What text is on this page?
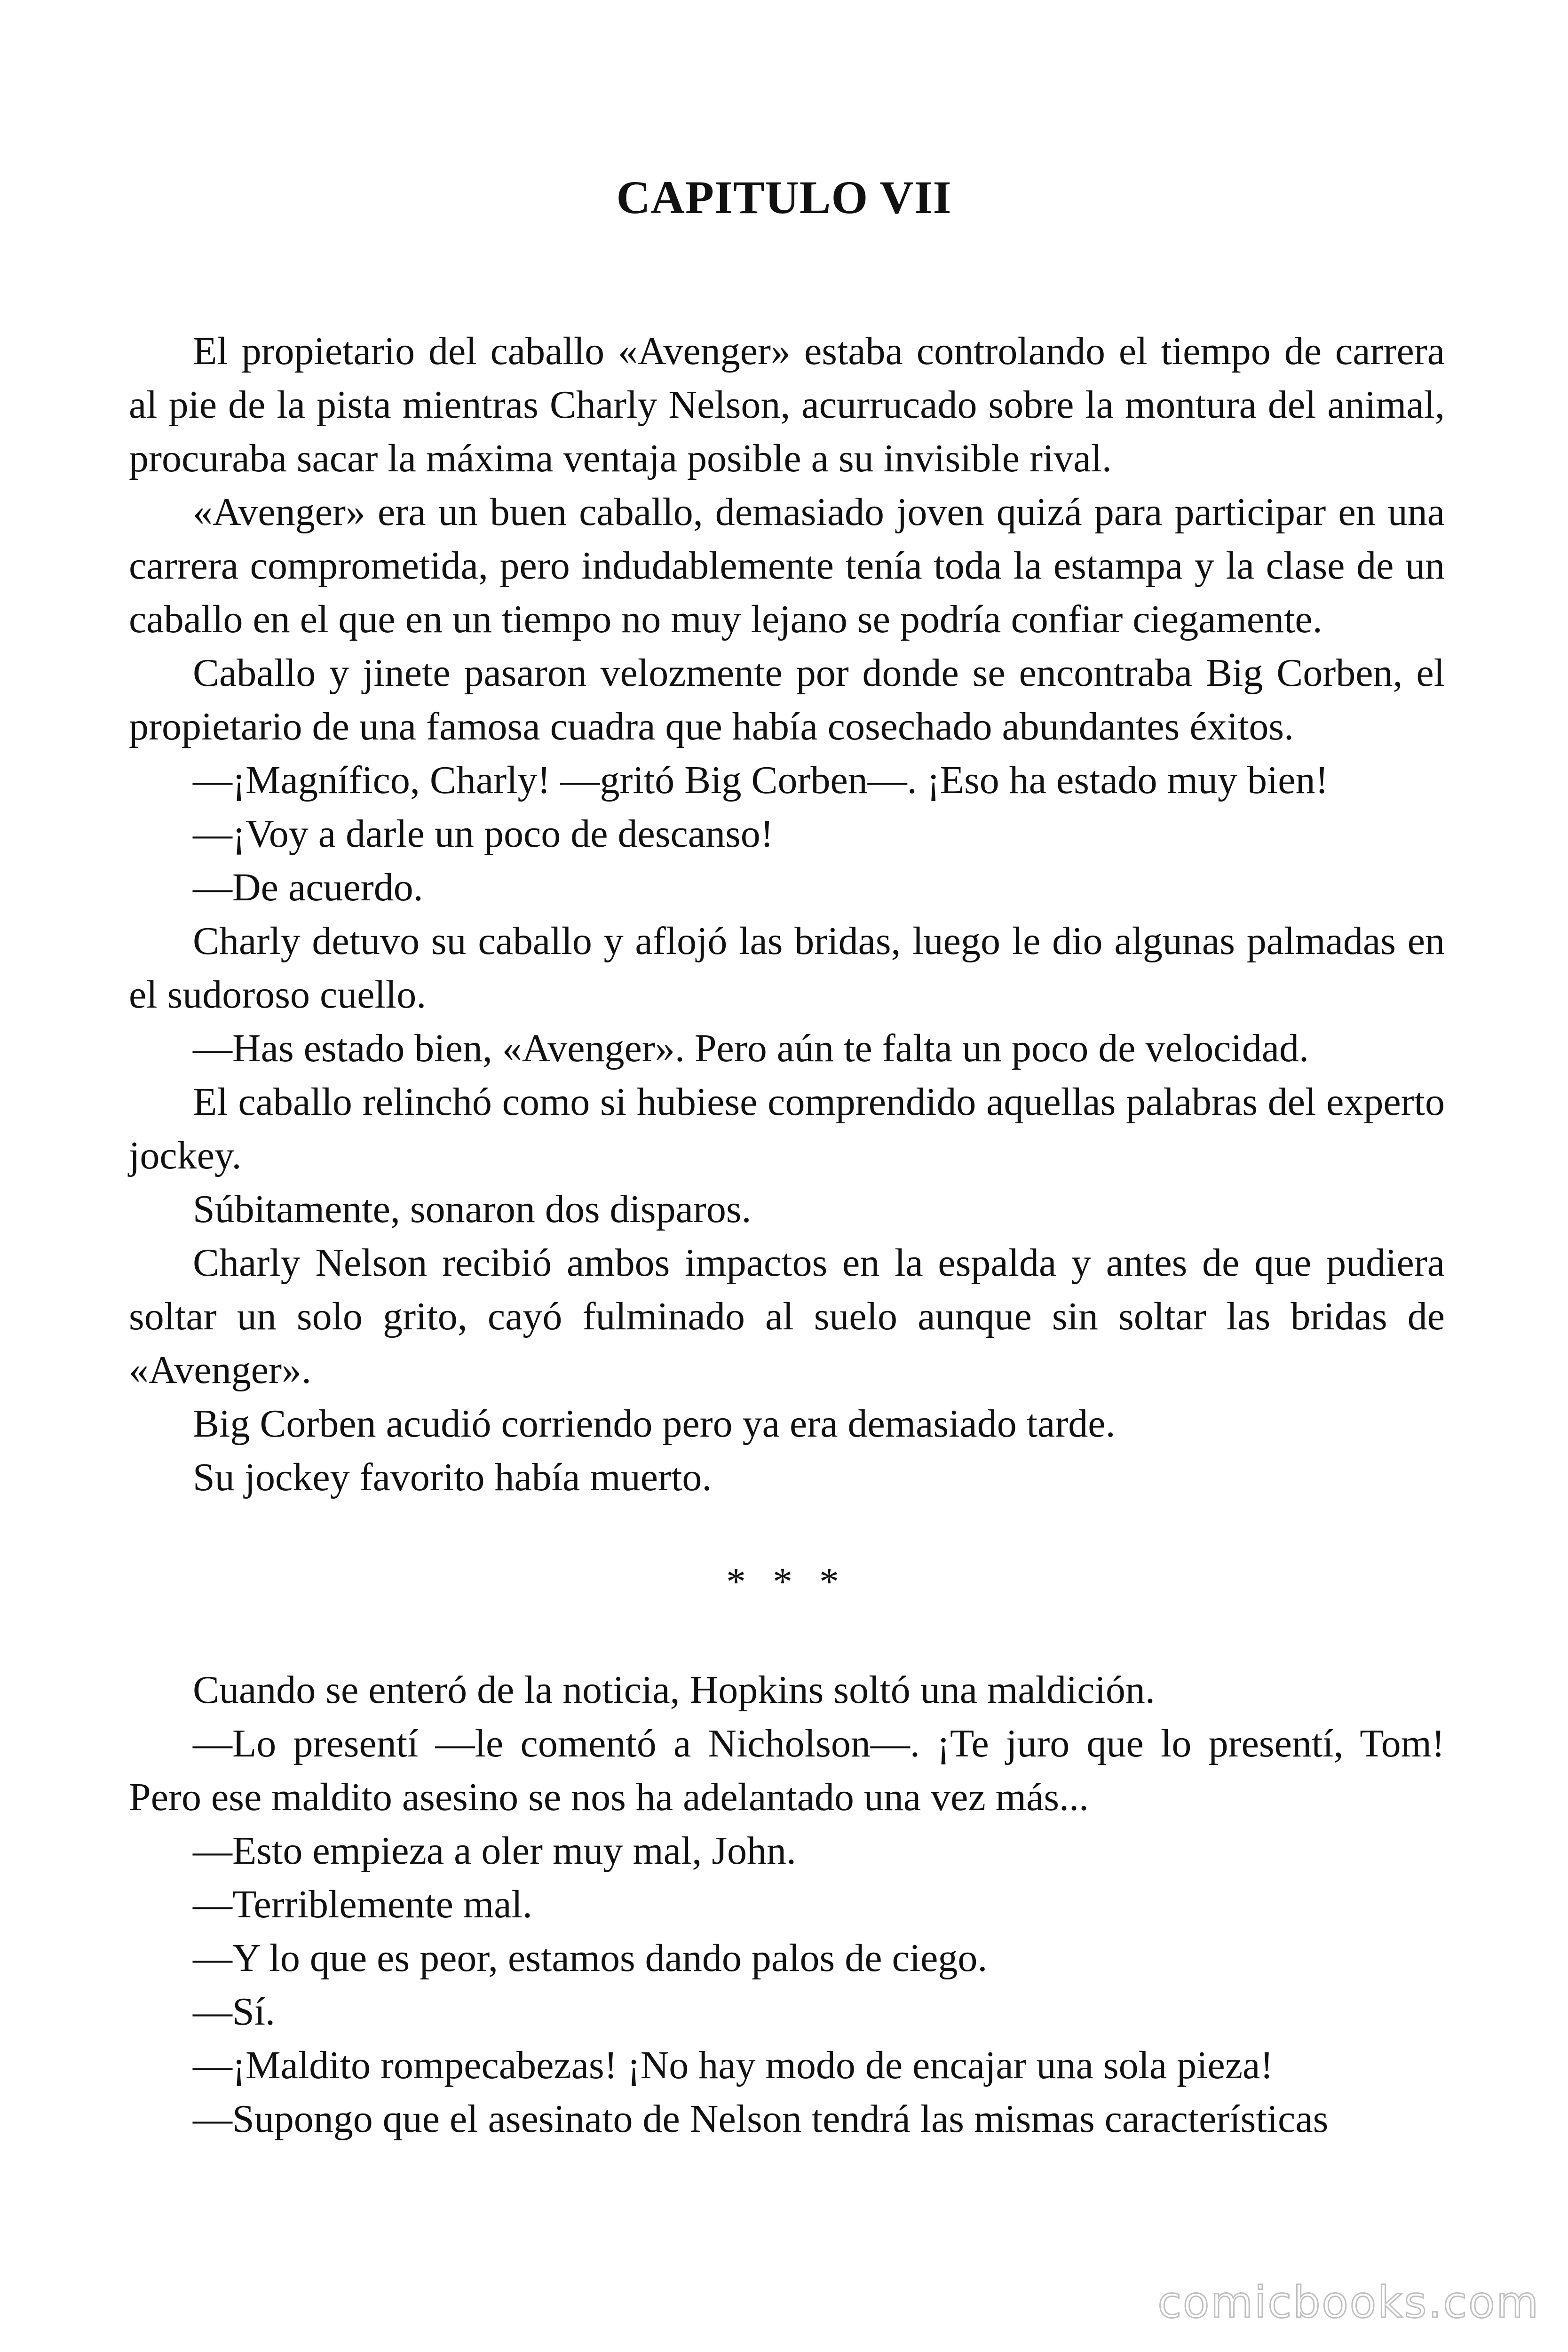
CAPITULO VII

El propietario del caballo «Avenger» estaba controlando el tiempo de carrera al pie de la pista mientras Charly Nelson, acurrucado sobre la montura del animal, procuraba sacar la máxima ventaja posible a su invisible rival.

«Avenger» era un buen caballo, demasiado joven quizá para participar en una carrera comprometida, pero indudablemente tenía toda la estampa y la clase de un caballo en el que en un tiempo no muy lejano se podría confiar ciegamente.

Caballo y jinete pasaron velozmente por donde se encontraba Big Corben, el propietario de una famosa cuadra que había cosechado abundantes éxitos.

—¡Magnífico, Charly! —gritó Big Corben—. ¡Eso ha estado muy bien!

—¡Voy a darle un poco de descanso!

—De acuerdo.

Charly detuvo su caballo y aflojó las bridas, luego le dio algunas palmadas en el sudoroso cuello.

—Has estado bien, «Avenger». Pero aún te falta un poco de velocidad.

El caballo relinchó como si hubiese comprendido aquellas palabras del experto jockey.

Súbitamente, sonaron dos disparos.

Charly Nelson recibió ambos impactos en la espalda y antes de que pudiera soltar un solo grito, cayó fulminado al suelo aunque sin soltar las bridas de «Avenger».

Big Corben acudió corriendo pero ya era demasiado tarde.

Su jockey favorito había muerto.

* * *

Cuando se enteró de la noticia, Hopkins soltó una maldición.

—Lo presentí —le comentó a Nicholson—. ¡Te juro que lo presentí, Tom! Pero ese maldito asesino se nos ha adelantado una vez más...

—Esto empieza a oler muy mal, John.

—Terriblemente mal.

—Y lo que es peor, estamos dando palos de ciego.

—Sí.

—¡Maldito rompecabezas! ¡No hay modo de encajar una sola pieza!

—Supongo que el asesinato de Nelson tendrá las mismas características

comicbooks.com
